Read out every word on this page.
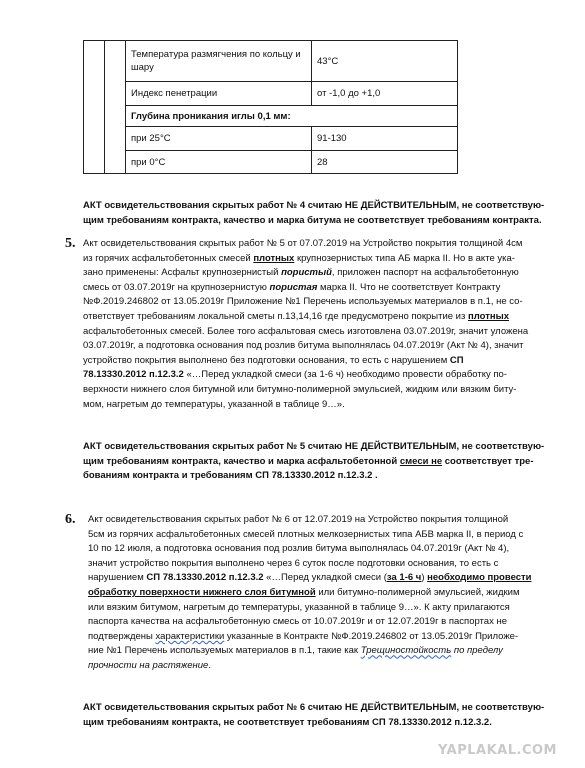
		Температура размягчения по кольцу и шару	43°С
		Индекс пенетрации	от -1,0 до +1,0
		Глубина проникания иглы 0,1 мм:	
		при 25°С	91-130
		при 0°С	28
АКТ освидетельствования скрытых работ № 4 считаю НЕ ДЕЙСТВИТЕЛЬНЫМ, не соответствую-
щим требованиям контракта, качество и марка битума не соответствует требованиям контракта.
5. Акт освидетельствования скрытых работ № 5 от 07.07.2019 на Устройство покрытия толщиной 4см
из горячих асфальтобетонных смесей плотных крупнозернистых типа АБ марка II. Но в акте ука-
зано применены: Асфальт крупнозернистый пористый, приложен паспорт на асфальтобетонную
смесь от 03.07.2019г на крупнозернистую пористая марка II. Что не соответствует Контракту
№Ф.2019.246802 от 13.05.2019г Приложение №1 Перечень используемых материалов в п.1, не со-
ответствует требованиям локальной сметы п.13,14,16 где предусмотрено покрытие из плотных
асфальтобетонных смесей. Более того асфальтовая смесь изготовлена 03.07.2019г, значит уложена
03.07.2019г, а подготовка основания под розлив битума выполнялась 04.07.2019г (Акт № 4), значит
устройство покрытия выполнено без подготовки основания, то есть с нарушением СП
78.13330.2012 п.12.3.2 «…Перед укладкой смеси (за 1-6 ч) необходимо провести обработку по-
верхности нижнего слоя битумной или битумно-полимерной эмульсией, жидким или вязким биту-
мом, нагретым до температуры, указанной в таблице 9…».
АКТ освидетельствования скрытых работ № 5 считаю НЕ ДЕЙСТВИТЕЛЬНЫМ, не соответствую-
щим требованиям контракта, качество и марка асфальтобетонной смеси не соответствует тре-
бованиям контракта и требованиям СП 78.13330.2012 п.12.3.2 .
6. Акт освидетельствования скрытых работ № 6 от 12.07.2019 на Устройство покрытия толщиной
5см из горячих асфальтобетонных смесей плотных мелкозернистых типа АБВ марка II, в период с
10 по 12 июля, а подготовка основания под розлив битума выполнялась 04.07.2019г (Акт № 4),
значит устройство покрытия выполнено через 6 суток после подготовки основания, то есть с
нарушением СП 78.13330.2012 п.12.3.2 «…Перед укладкой смеси (за 1-6 ч) необходимо провести
обработку поверхности нижнего слоя битумной или битумно-полимерной эмульсией, жидким
или вязким битумом, нагретым до температуры, указанной в таблице 9…». К акту прилагаются
паспорта качества на асфальтобетонную смесь от 10.07.2019г и от 12.07.2019г в паспортах не
подтверждены характеристики указанные в Контракте №Ф.2019.246802 от 13.05.2019г Приложе-
ние №1 Перечень используемых материалов в п.1, такие как Трещиностойкость по пределу
прочности на растяжение.
АКТ освидетельствования скрытых работ № 6 считаю НЕ ДЕЙСТВИТЕЛЬНЫМ, не соответствую-
щим требованиям контракта, не соответствует требованиям СП 78.13330.2012 п.12.3.2.
YAPLAKAL.COM
